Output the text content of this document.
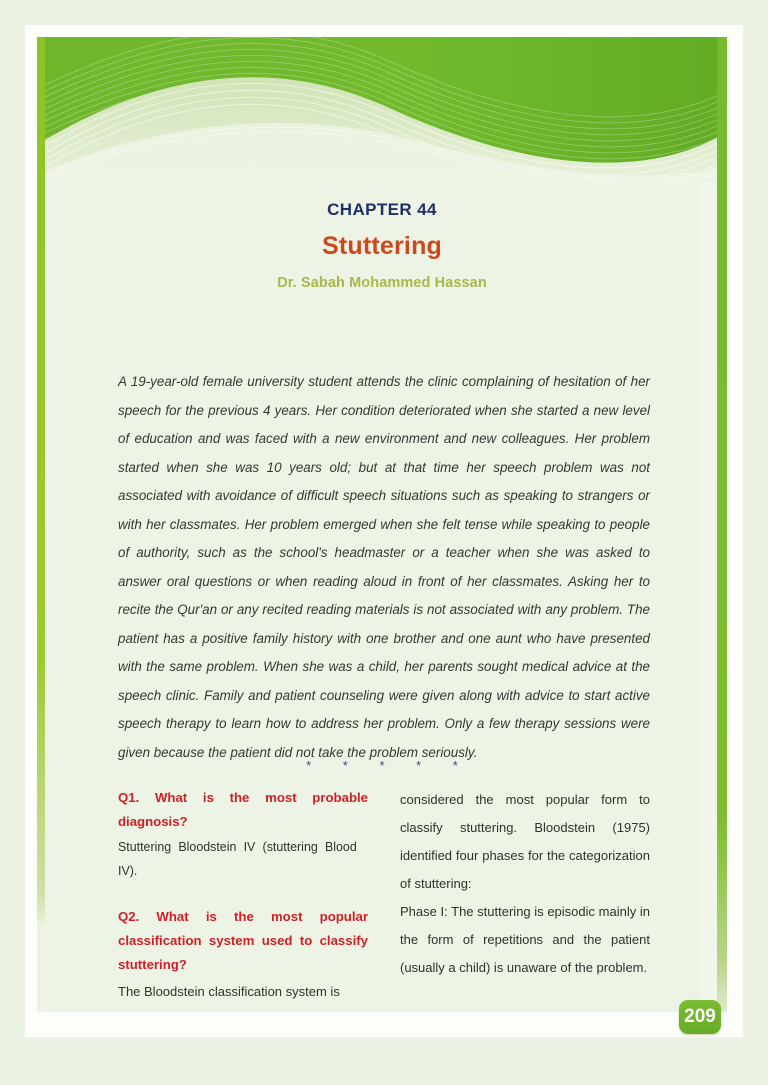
CHAPTER 44

Stuttering

Dr. Sabah Mohammed Hassan

A 19-year-old female university student attends the clinic complaining of hesitation of her speech for the previous 4 years. Her condition deteriorated when she started a new level of education and was faced with a new environment and new colleagues. Her problem started when she was 10 years old; but at that time her speech problem was not associated with avoidance of difficult speech situations such as speaking to strangers or with her classmates. Her problem emerged when she felt tense while speaking to people of authority, such as the school's headmaster or a teacher when she was asked to answer oral questions or when reading aloud in front of her classmates. Asking her to recite the Qur'an or any recited reading materials is not associated with any problem. The patient has a positive family history with one brother and one aunt who have presented with the same problem. When she was a child, her parents sought medical advice at the speech clinic. Family and patient counseling were given along with advice to start active speech therapy to learn how to address her problem. Only a few therapy sessions were given because the patient did not take the problem seriously.

* * * * *

Q1. What is the most probable diagnosis?

Stuttering Bloodstein IV (stuttering Blood IV).

Q2. What is the most popular classification system used to classify stuttering?

The Bloodstein classification system is

considered the most popular form to classify stuttering. Bloodstein (1975) identified four phases for the categorization of stuttering:

Phase I: The stuttering is episodic mainly in the form of repetitions and the patient (usually a child) is unaware of the problem.

209
